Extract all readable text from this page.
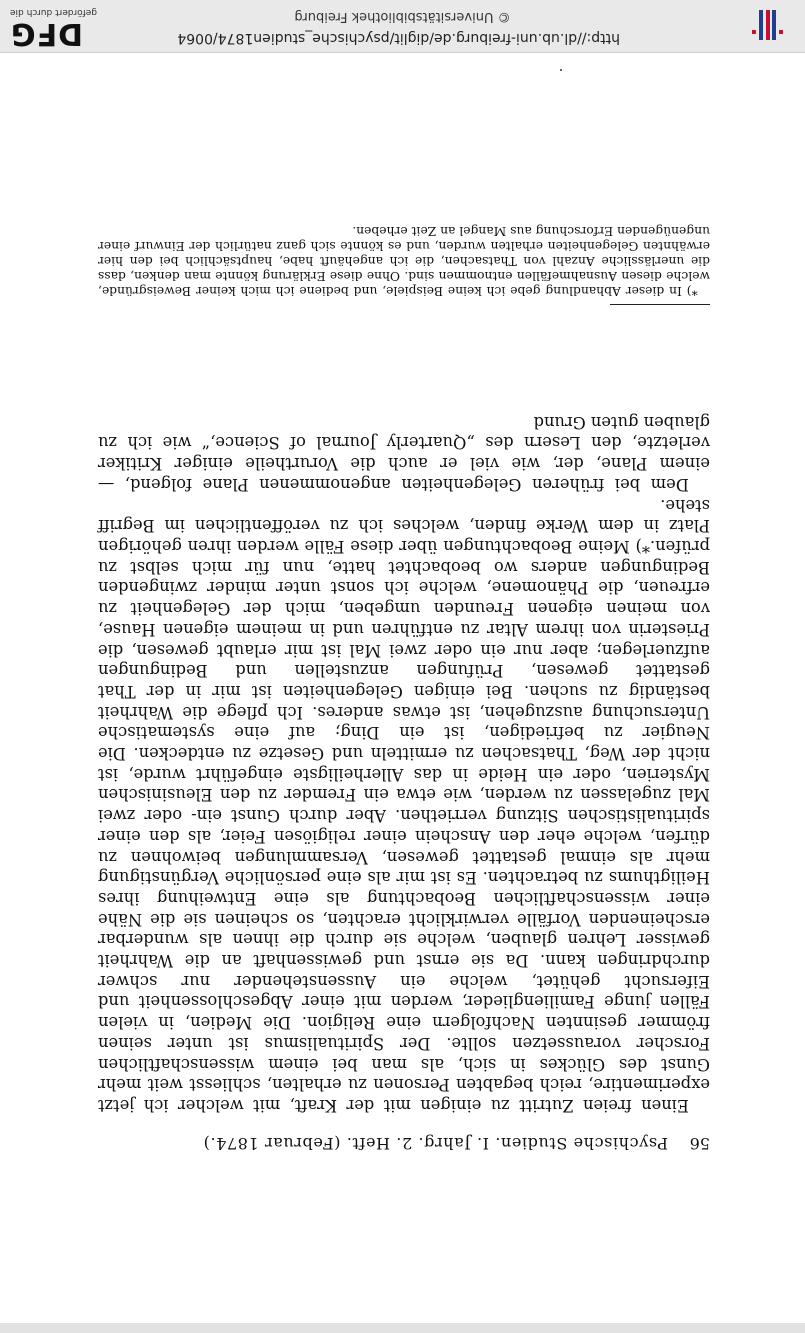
56
Psychische Studien. I. Jahrg. 2. Heft. (Februar 1874.)

Einen freien Zutritt zu einigen mit der Kraft, mit welcher ich jetzt experimentire, reich begabten Personen zu erhalten, schliesst weit mehr Gunst des Glückes in sich, als man bei einem wissenschaftlichen Forscher voraussetzen sollte. Der Spiritualismus ist unter seinen frömmer gesinnten Nachfolgern eine Religion. Die Medien, in vielen Fällen junge Familienglieder, werden mit einer Abgeschlossenheit und Eifersucht gehütet, welche ein Aussenstehender nur schwer durchdringen kann. Da sie ernst und gewissenhaft an die Wahrheit gewisser Lehren glauben, welche sie durch die ihnen als wunderbar erscheinenden Vorfälle verwirklicht erachten, so scheinen sie die Nähe einer wissenschaftlichen Beobachtung als eine Entweihung ihres Heiligthums zu betrachten. Es ist mir als eine persönliche Vergünstigung mehr als einmal gestattet gewesen, Versammlungen beiwohnen zu dürfen, welche eher den Anschein einer religiösen Feier, als den einer spiritualistischen Sitzung verriethen. Aber durch Gunst ein- oder zwei Mal zugelassen zu werden, wie etwa ein Fremder zu den Eleusinischen Mysterien, oder ein Heide in das Allerheiligste eingeführt wurde, ist nicht der Weg, Thatsachen zu ermitteln und Gesetze zu entdecken. Die Neugier zu befriedigen, ist ein Ding; auf eine systematische Untersuchung auszugehen, ist etwas anderes. Ich pflege die Wahrheit beständig zu suchen. Bei einigen Gelegenheiten ist mir in der That gestattet gewesen, Prüfungen anzustellen und Bedingungen aufzuerlegen; aber nur ein oder zwei Mal ist mir erlaubt gewesen, die Priesterin von ihrem Altar zu entführen und in meinem eigenen Hause, von meinen eigenen Freunden umgeben, mich der Gelegenheit zu erfreuen, die Phänomene, welche ich sonst unter minder zwingenden Bedingungen anders wo beobachtet hatte, nun für mich selbst zu prüfen.*) Meine Beobachtungen über diese Fälle werden ihren gehörigen Platz in dem Werke finden, welches ich zu veröffentlichen im Begriff stehe.

Dem bei früheren Gelegenheiten angenommenen Plane folgend, — einem Plane, der, wie viel er auch die Vorurtheile einiger Kritiker verletzte, den Lesern des „Quarterly Journal of Science,“ wie ich zu glauben guten Grund

*) In dieser Abhandlung gebe ich keine Beispiele, und bediene ich mich keiner Beweisgründe, welche diesen Ausnahmefällen entnommen sind. Ohne diese Erklärung könnte man denken, dass die unerlässliche Anzahl von Thatsachen, die ich angehäuft habe, hauptsächlich bei den hier erwähnten Gelegenheiten erhalten wurden, und es könnte sich ganz natürlich der Einwurf einer ungenügenden Erforschung aus Mangel an Zeit erheben.

http://dl.ub.uni-freiburg.de/diglit/psychische_studien1874/0064
© Universitätsbibliothek Freiburg
DFG
gefördert durch die
